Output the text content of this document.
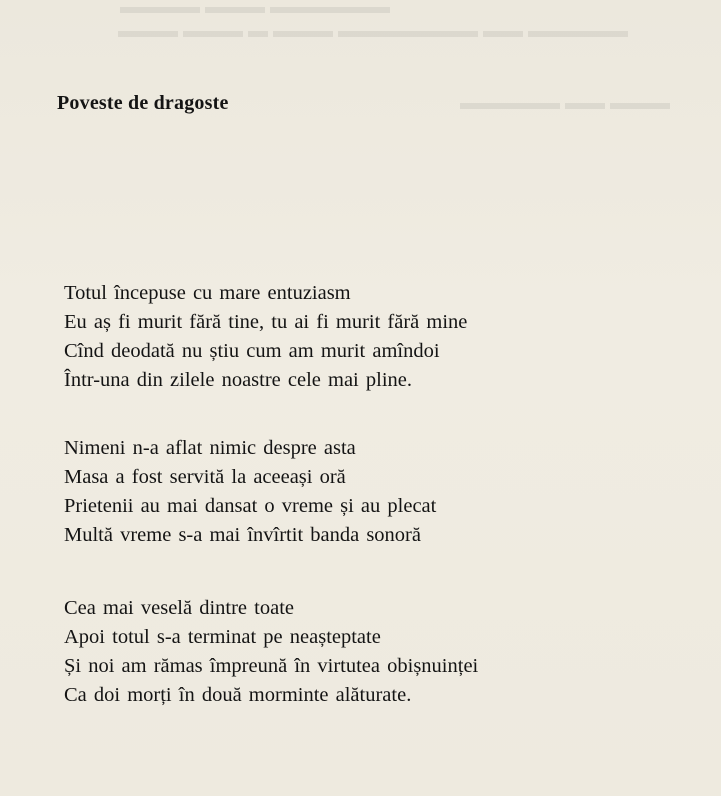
▬▬▬▬ ▬▬▬ ▬▬▬▬▬▬
▬▬▬ ▬▬▬ ▬ ▬▬▬ ▬▬▬▬▬▬▬ ▬▬ ▬▬▬▬▬
▬▬▬▬▬ ▬▬ ▬▬▬
Poveste de dragoste
Totul începuse cu mare entuziasm
Eu aș fi murit fără tine, tu ai fi murit fără mine
Cînd deodată nu știu cum am murit amîndoi
Într-una din zilele noastre cele mai pline.
Nimeni n-a aflat nimic despre asta
Masa a fost servită la aceeași oră
Prietenii au mai dansat o vreme și au plecat
Multă vreme s-a mai învîrtit banda sonoră
Cea mai veselă dintre toate
Apoi totul s-a terminat pe neașteptate
Și noi am rămas împreună în virtutea obișnuinței
Ca doi morți în două morminte alăturate.
